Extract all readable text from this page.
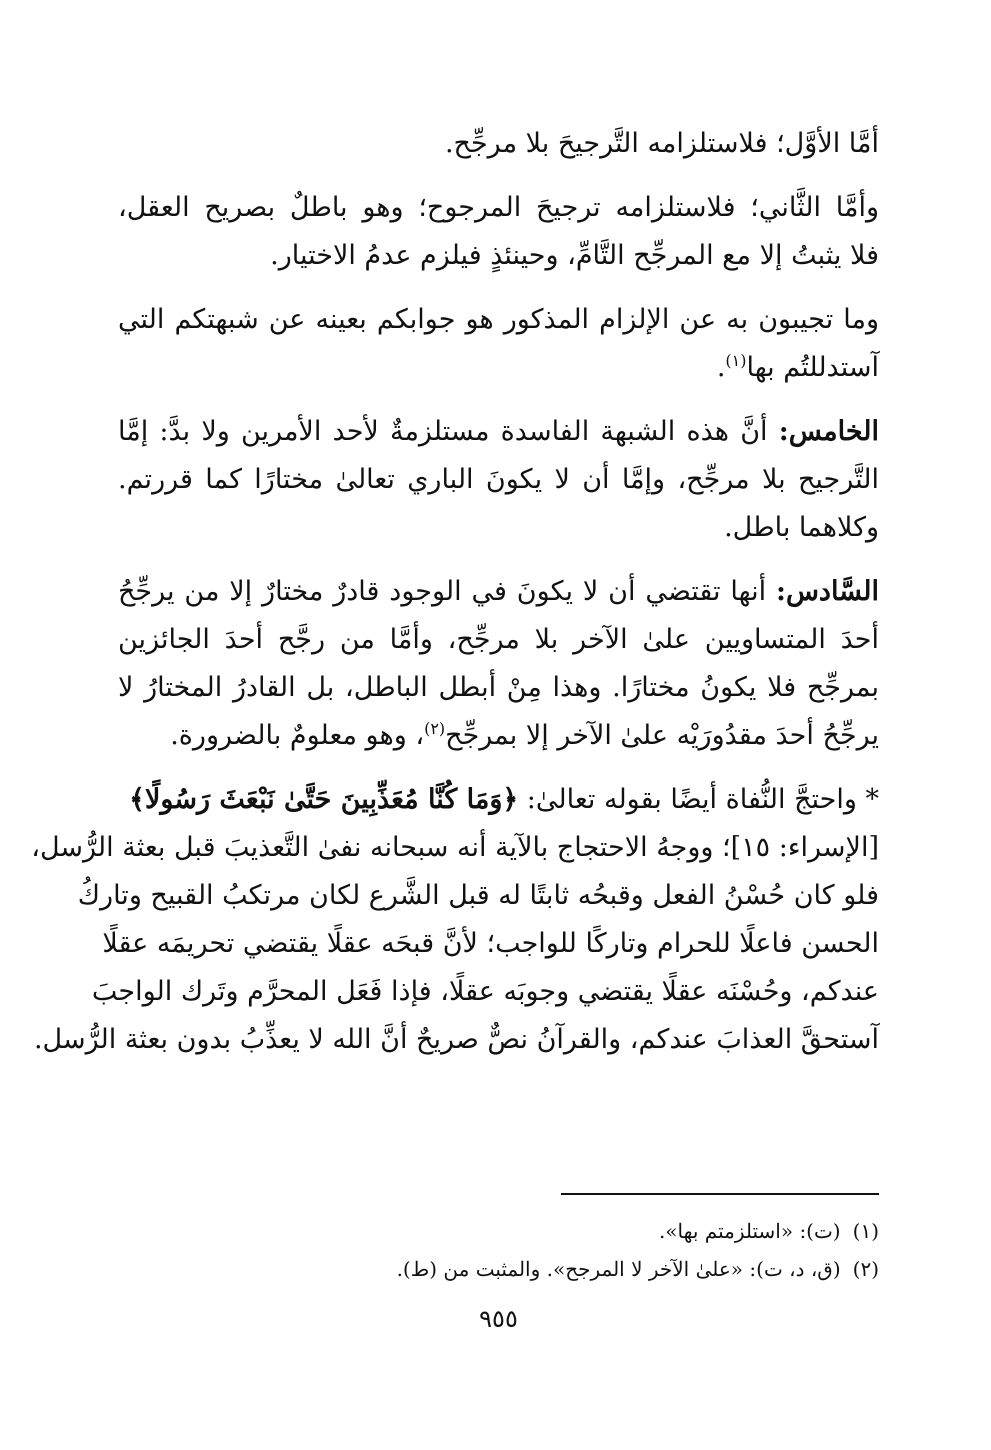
أمَّا الأوَّل؛ فلاستلزامه التَّرجيحَ بلا مرجِّح.

وأمَّا الثَّاني؛ فلاستلزامه ترجيحَ المرجوح؛ وهو باطلٌ بصريح العقل،
فلا يثبتُ إلا مع المرجِّح التَّامِّ، وحينئذٍ فيلزم عدمُ الاختيار.

وما تجيبون به عن الإلزام المذكور هو جوابكم بعينه عن شبهتكم التي
آستدللتُم بها$^{(١)}$.

الخامس: أنَّ هذه الشبهة الفاسدة مستلزمةٌ لأحد الأمرين ولا بدَّ: إمَّا
التَّرجيح بلا مرجِّح، وإمَّا أن لا يكونَ الباري تعالىٰ مختارًا كما قررتم.
وكلاهما باطل.

السَّادس: أنها تقتضي أن لا يكونَ في الوجود قادرٌ مختارٌ إلا من يرجِّحُ
أحدَ المتساويين علىٰ الآخر بلا مرجِّح، وأمَّا من رجَّح أحدَ الجائزين
بمرجِّح فلا يكونُ مختارًا. وهذا مِنْ أبطل الباطل، بل القادرُ المختارُ لا
يرجِّحُ أحدَ مقدُورَيْه علىٰ الآخر إلا بمرجِّح$^{(٢)}$، وهو معلومٌ بالضرورة.

* واحتجَّ النُّفاة أيضًا بقوله تعالىٰ: ﴿وَمَا كُنَّا مُعَذِّبِينَ حَتَّىٰ نَبْعَثَ رَسُولًا﴾
[الإسراء: ١٥]؛ ووجهُ الاحتجاج بالآية أنه سبحانه نفىٰ التَّعذيبَ قبل بعثة الرُّسل،
فلو كان حُسْنُ الفعل وقبحُه ثابتًا له قبل الشَّرع لكان مرتكبُ القبيح وتاركُ
الحسن فاعلًا للحرام وتاركًا للواجب؛ لأنَّ قبحَه عقلًا يقتضي تحريمَه عقلًا
عندكم، وحُسْنَه عقلًا يقتضي وجوبَه عقلًا، فإذا فَعَل المحرَّم وتَرك الواجبَ
آستحقَّ العذابَ عندكم، والقرآنُ نصٌّ صريحٌ أنَّ الله لا يعذِّبُ بدون بعثة الرُّسل.

(١)(ت): «استلزمتم بها».
(٢)(ق، د، ت): «علىٰ الآخر لا المرجح». والمثبت من (ط).
٩٥٥
